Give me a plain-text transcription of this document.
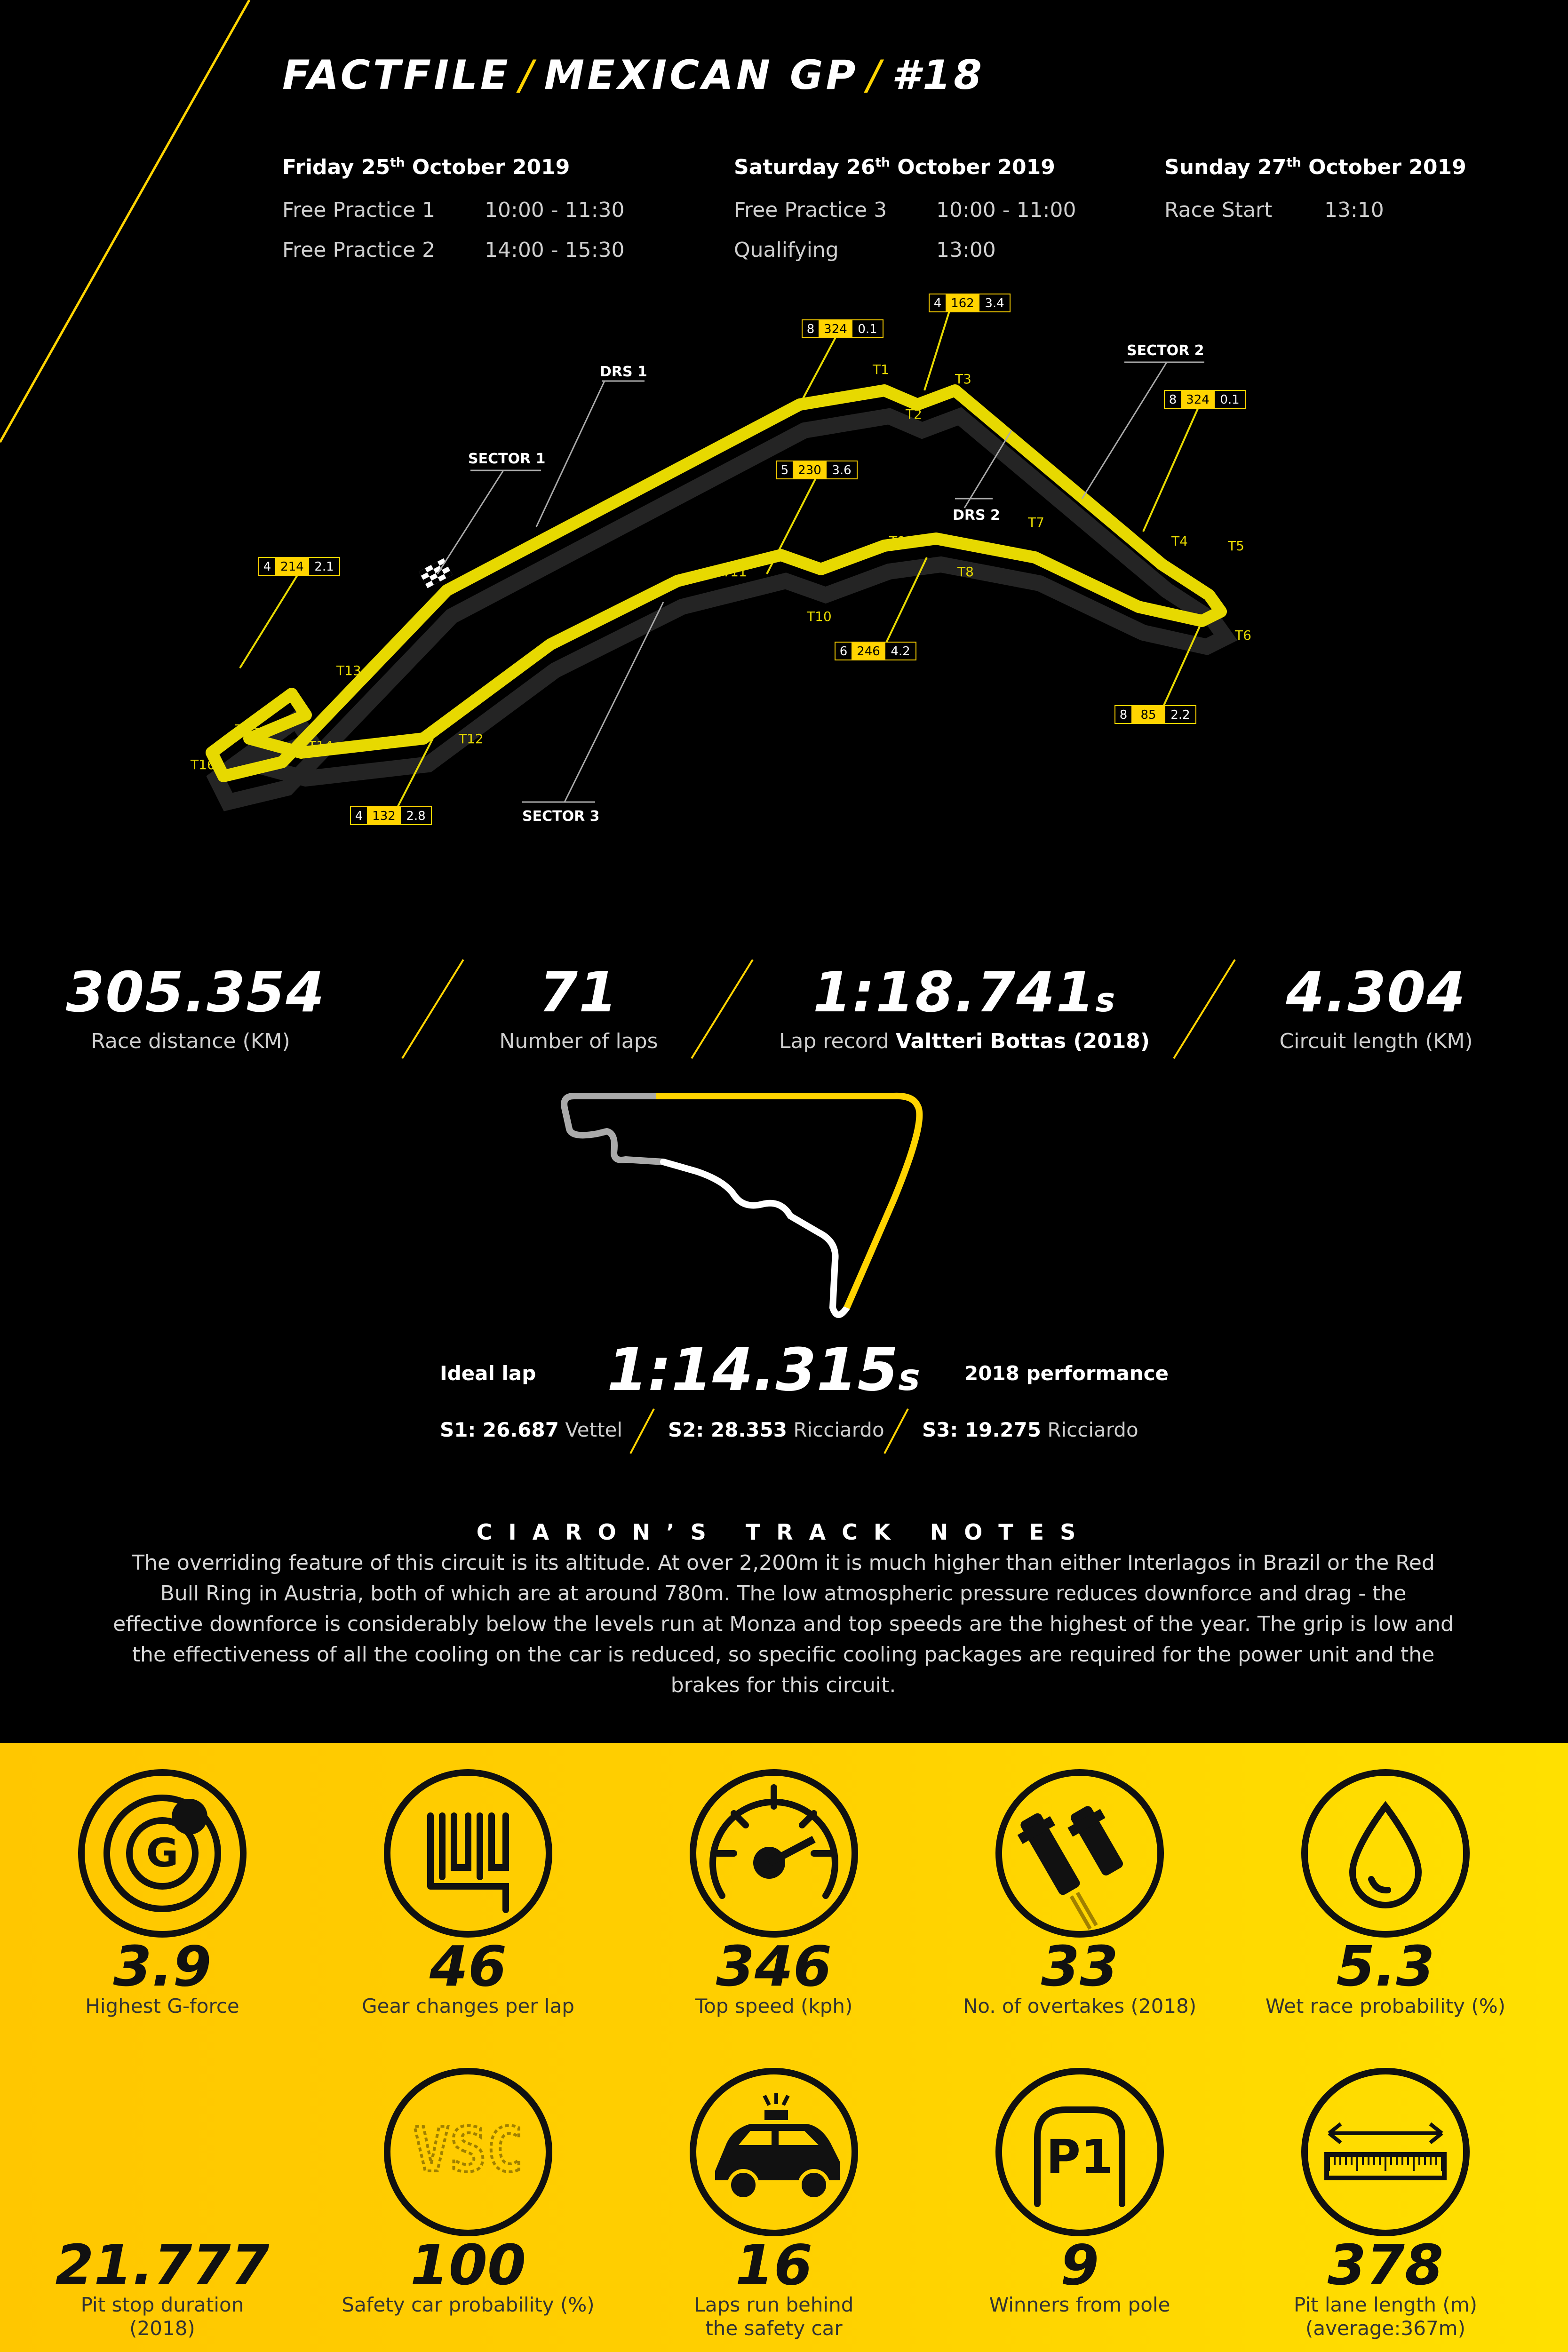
FACTFILE / MEXICAN GP / #18
Friday 25th October 2019
Free Practice 1	10:00 - 11:30
Free Practice 2	14:00 - 15:30
Saturday 26th October 2019
Free Practice 3	10:00 - 11:00
Qualifying	13:00
Sunday 27th October 2019
Race Start	13:10
DRS 1
DRS 2
SECTOR 1
SECTOR 2
SECTOR 3
T1
T2
T3
T4	T5
T6
T7
T8
T9
T10
T11
T12
T13
T14
T15
T16
8 324 0.1
4 162 3.4
8 324 0.1
5 230 3.6
4 214 2.1
6 246 4.2
8 85 2.2
4 132 2.8
305.354
Race distance (KM)
71
Number of laps
1:18.741s
Lap record Valtteri Bottas (2018)
4.304
Circuit length (KM)
Ideal lap 1:14.315s 2018 performance
S1: 26.687 Vettel S2: 28.353 Ricciardo S3: 19.275 Ricciardo
CIARON’S TRACK NOTES
The overriding feature of this circuit is its altitude. At over 2,200m it is much higher than either Interlagos in Brazil or the Red Bull Ring in Austria, both of which are at around 780m. The low atmospheric pressure reduces downforce and drag - the effective downforce is considerably below the levels run at Monza and top speeds are the highest of the year. The grip is low and the effectiveness of all the cooling on the car is reduced, so specific cooling packages are required for the power unit and the brakes for this circuit.
G
3.9
Highest G-force
46
Gear changes per lap
346
Top speed (kph)
33
No. of overtakes (2018)
5.3
Wet race probability (%)
21.777
Pit stop duration
(2018)
VSC
100
Safety car probability (%)
16
Laps run behind
the safety car
P1
9
Winners from pole
378
Pit lane length (m)
(average:367m)
